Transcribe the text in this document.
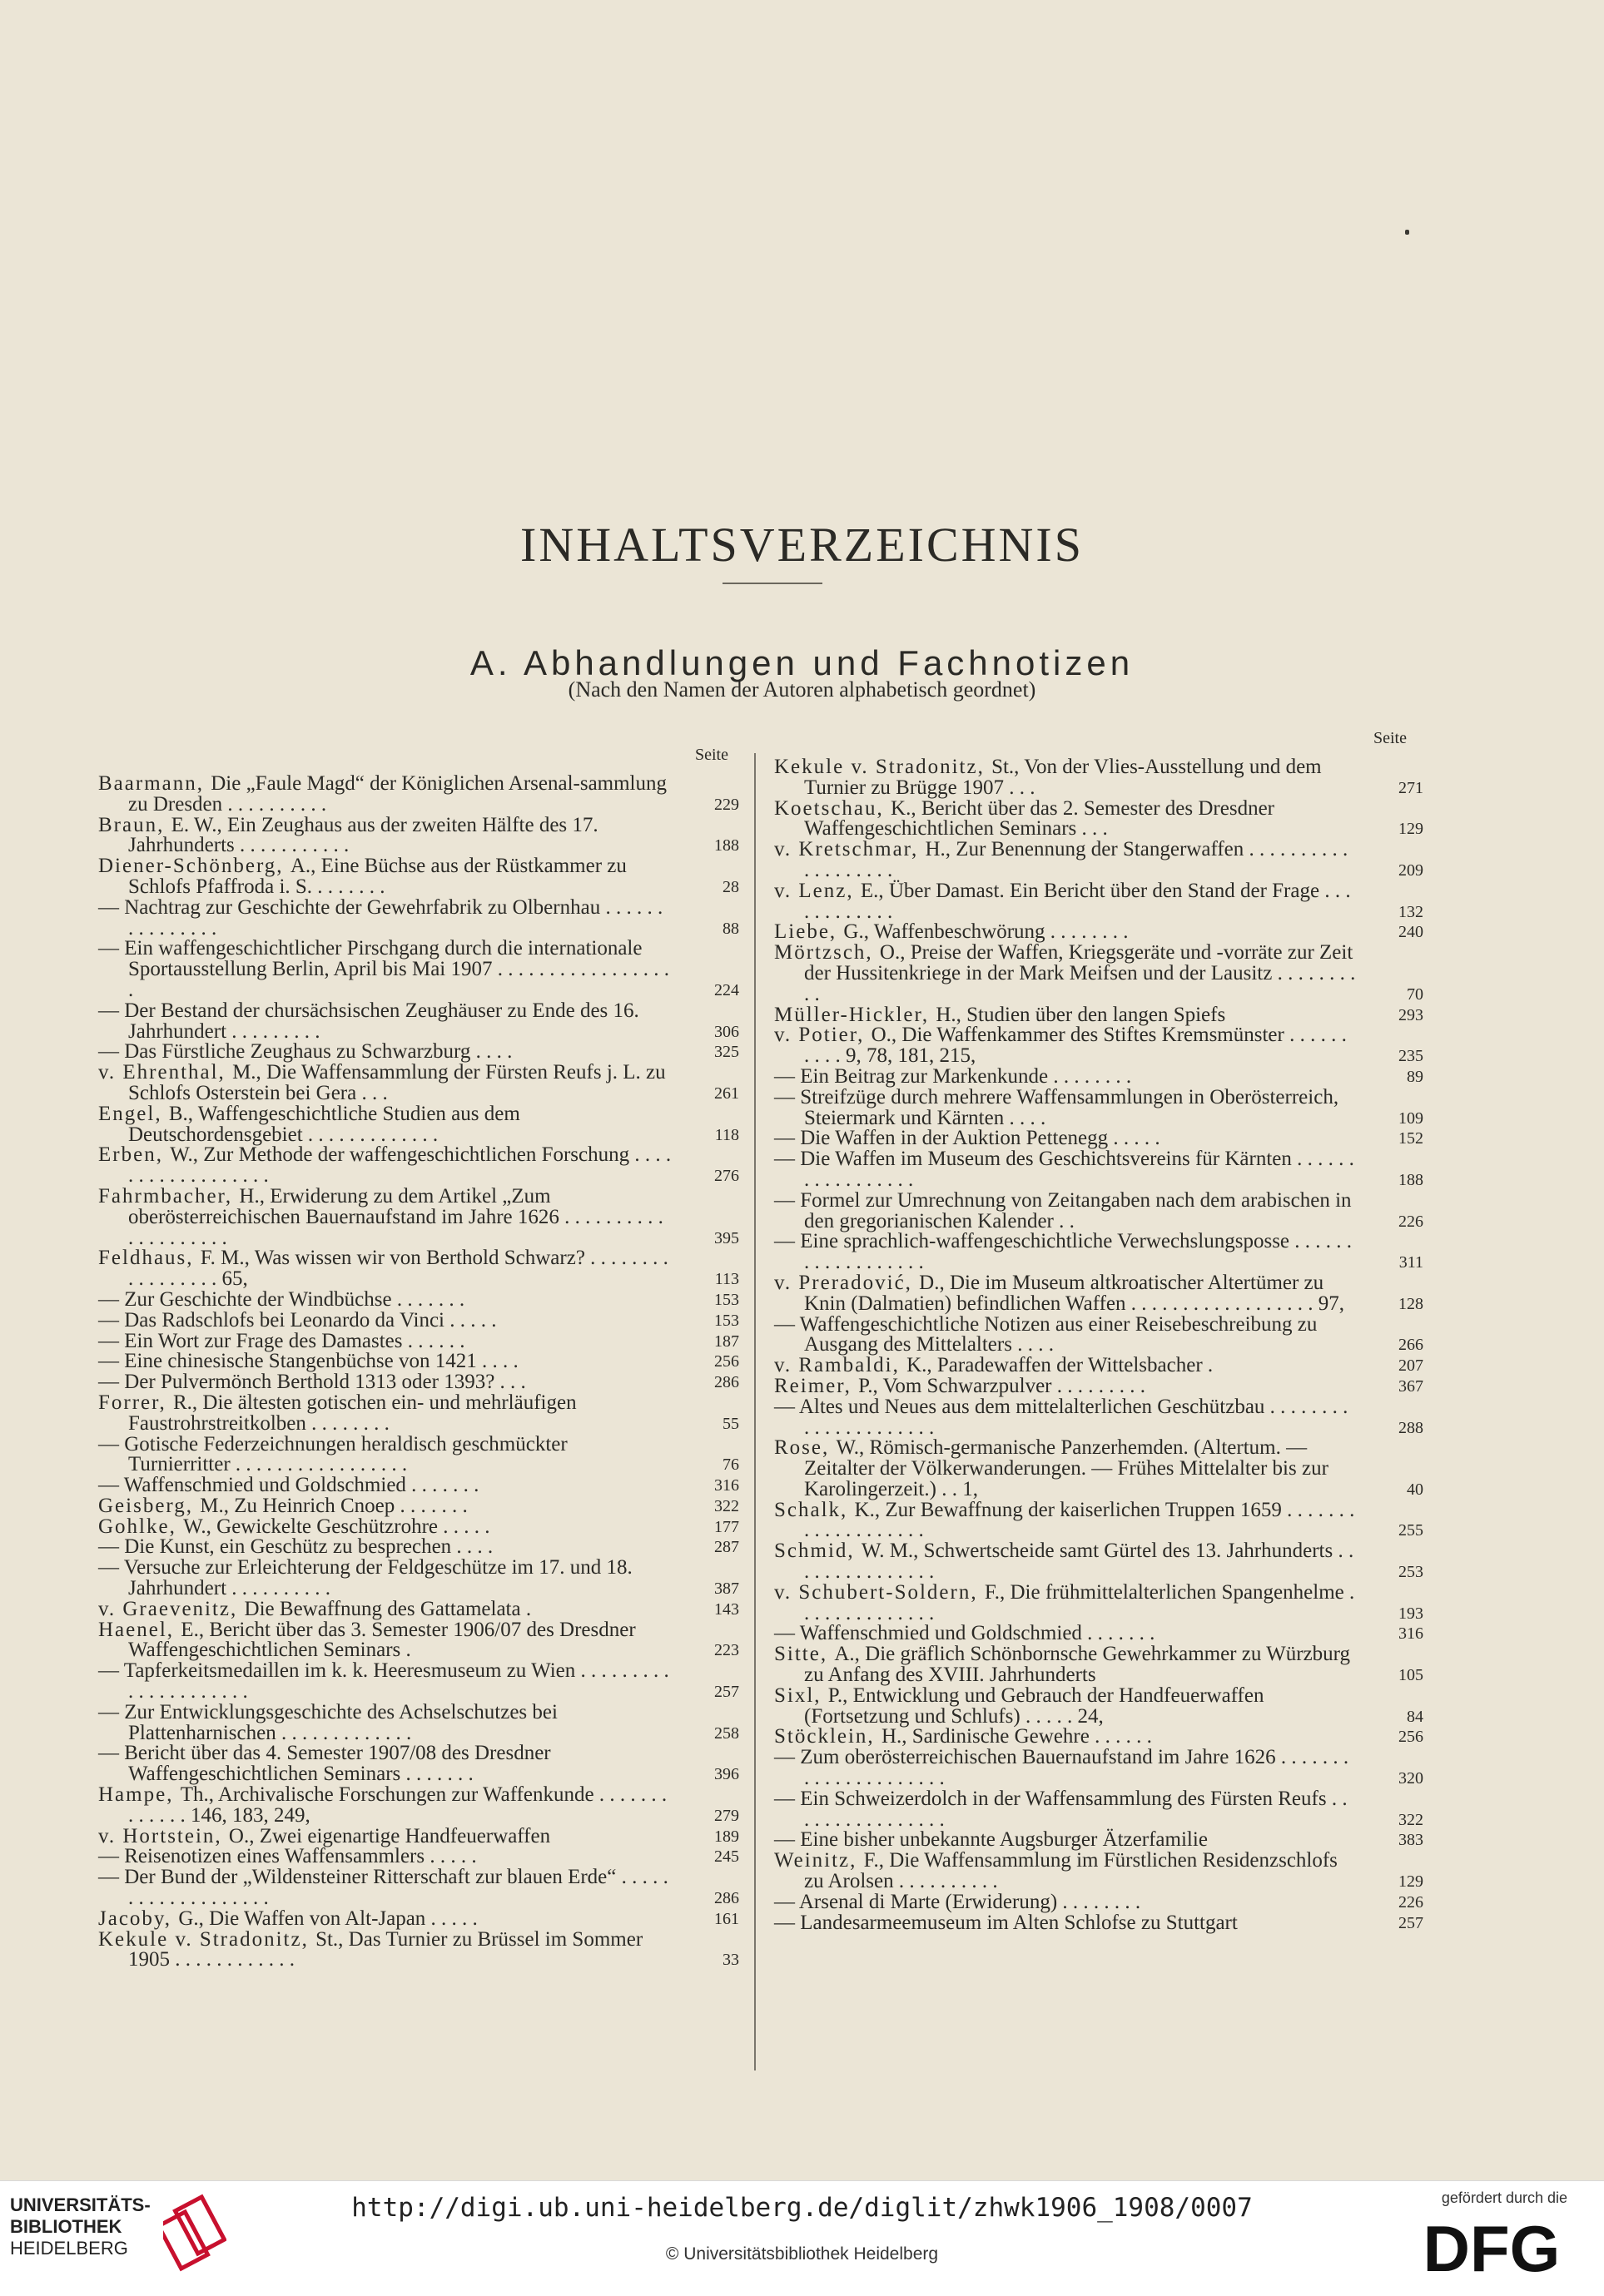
INHALTSVERZEICHNIS
A. Abhandlungen und Fachnotizen
(Nach den Namen der Autoren alphabetisch geordnet)
Seite
Seite
Baarmann, Die „Faule Magd“ der Königlichen Arsenal-sammlung zu Dresden . . . . . . . . . .	229
Braun, E. W., Ein Zeughaus aus der zweiten Hälfte des 17. Jahrhunderts . . . . . . . . . . .	188
Diener-Schönberg, A., Eine Büchse aus der Rüstkammer zu Schlofs Pfaffroda i. S. . . . . . . .	28
— Nachtrag zur Geschichte der Gewehrfabrik zu Olbernhau . . . . . . . . . . . . . . .	88
— Ein waffengeschichtlicher Pirschgang durch die internationale Sportausstellung Berlin, April bis Mai 1907 . . . . . . . . . . . . . . . . . .	224
— Der Bestand der chursächsischen Zeughäuser zu Ende des 16. Jahrhundert . . . . . . . . .	306
— Das Fürstliche Zeughaus zu Schwarzburg . . . .	325
v. Ehrenthal, M., Die Waffensammlung der Fürsten Reufs j. L. zu Schlofs Osterstein bei Gera . . .	261
Engel, B., Waffengeschichtliche Studien aus dem Deutschordensgebiet . . . . . . . . . . . . .	118
Erben, W., Zur Methode der waffengeschichtlichen Forschung . . . . . . . . . . . . . . . . . .	276
Fahrmbacher, H., Erwiderung zu dem Artikel „Zum oberösterreichischen Bauernaufstand im Jahre 1626 . . . . . . . . . . . . . . . . . . . .	395
Feldhaus, F. M., Was wissen wir von Berthold Schwarz? . . . . . . . . . . . . . . . . . 65,	113
— Zur Geschichte der Windbüchse . . . . . . .	153
— Das Radschlofs bei Leonardo da Vinci . . . . .	153
— Ein Wort zur Frage des Damastes . . . . . .	187
— Eine chinesische Stangenbüchse von 1421 . . . .	256
— Der Pulvermönch Berthold 1313 oder 1393? . . .	286
Forrer, R., Die ältesten gotischen ein- und mehrläufigen Faustrohrstreitkolben . . . . . . . .	55
— Gotische Federzeichnungen heraldisch geschmückter Turnierritter . . . . . . . . . . . . . . . . .	76
— Waffenschmied und Goldschmied . . . . . . .	316
Geisberg, M., Zu Heinrich Cnoep . . . . . . .	322
Gohlke, W., Gewickelte Geschützrohre . . . . .	177
— Die Kunst, ein Geschütz zu besprechen . . . .	287
— Versuche zur Erleichterung der Feldgeschütze im 17. und 18. Jahrhundert . . . . . . . . . .	387
v. Graevenitz, Die Bewaffnung des Gattamelata .	143
Haenel, E., Bericht über das 3. Semester 1906/07 des Dresdner Waffengeschichtlichen Seminars .	223
— Tapferkeitsmedaillen im k. k. Heeresmuseum zu Wien . . . . . . . . . . . . . . . . . . . . .	257
— Zur Entwicklungsgeschichte des Achselschutzes bei Plattenharnischen . . . . . . . . . . . . .	258
— Bericht über das 4. Semester 1907/08 des Dresdner Waffengeschichtlichen Seminars . . . . . . .	396
Hampe, Th., Archivalische Forschungen zur Waffenkunde . . . . . . . . . . . . . 146, 183, 249,	279
v. Hortstein, O., Zwei eigenartige Handfeuerwaffen	189
— Reisenotizen eines Waffensammlers . . . . .	245
— Der Bund der „Wildensteiner Ritterschaft zur blauen Erde“ . . . . . . . . . . . . . . . . . . .	286
Jacoby, G., Die Waffen von Alt-Japan . . . . .	161
Kekule v. Stradonitz, St., Das Turnier zu Brüssel im Sommer 1905 . . . . . . . . . . . .	33
Kekule v. Stradonitz, St., Von der Vlies-Ausstellung und dem Turnier zu Brügge 1907 . . .	271
Koetschau, K., Bericht über das 2. Semester des Dresdner Waffengeschichtlichen Seminars . . .	129
v. Kretschmar, H., Zur Benennung der Stangerwaffen . . . . . . . . . . . . . . . . . . .	209
v. Lenz, E., Über Damast. Ein Bericht über den Stand der Frage . . . . . . . . . . . .	132
Liebe, G., Waffenbeschwörung . . . . . . . .	240
Mörtzsch, O., Preise der Waffen, Kriegsgeräte und -vorräte zur Zeit der Hussitenkriege in der Mark Meifsen und der Lausitz . . . . . . . . . .	70
Müller-Hickler, H., Studien über den langen Spiefs	293
v. Potier, O., Die Waffenkammer des Stiftes Kremsmünster . . . . . . . . . . 9, 78, 181, 215,	235
— Ein Beitrag zur Markenkunde . . . . . . . .	89
— Streifzüge durch mehrere Waffensammlungen in Oberösterreich, Steiermark und Kärnten . . . .	109
— Die Waffen in der Auktion Pettenegg . . . . .	152
— Die Waffen im Museum des Geschichtsvereins für Kärnten . . . . . . . . . . . . . . . . .	188
— Formel zur Umrechnung von Zeitangaben nach dem arabischen in den gregorianischen Kalender . .	226
— Eine sprachlich-waffengeschichtliche Verwechslungsposse . . . . . . . . . . . . . . . . . .	311
v. Preradović, D., Die im Museum altkroatischer Altertümer zu Knin (Dalmatien) befindlichen Waffen . . . . . . . . . . . . . . . . . . 97,	128
— Waffengeschichtliche Notizen aus einer Reisebeschreibung zu Ausgang des Mittelalters . . . .	266
v. Rambaldi, K., Paradewaffen der Wittelsbacher .	207
Reimer, P., Vom Schwarzpulver . . . . . . . . .	367
— Altes und Neues aus dem mittelalterlichen Geschützbau . . . . . . . . . . . . . . . . . . . . .	288
Rose, W., Römisch-germanische Panzerhemden. (Altertum. — Zeitalter der Völkerwanderungen. — Frühes Mittelalter bis zur Karolingerzeit.) . . 1,	40
Schalk, K., Zur Bewaffnung der kaiserlichen Truppen 1659 . . . . . . . . . . . . . . . . . . .	255
Schmid, W. M., Schwertscheide samt Gürtel des 13. Jahrhunderts . . . . . . . . . . . . . . .	253
v. Schubert-Soldern, F., Die frühmittelalterlichen Spangenhelme . . . . . . . . . . . . . .	193
— Waffenschmied und Goldschmied . . . . . . .	316
Sitte, A., Die gräflich Schönbornsche Gewehrkammer zu Würzburg zu Anfang des XVIII. Jahrhunderts	105
Sixl, P., Entwicklung und Gebrauch der Handfeuerwaffen (Fortsetzung und Schlufs) . . . . . 24,	84
Stöcklein, H., Sardinische Gewehre . . . . . .	256
— Zum oberösterreichischen Bauernaufstand im Jahre 1626 . . . . . . . . . . . . . . . . . . . . .	320
— Ein Schweizerdolch in der Waffensammlung des Fürsten Reufs . . . . . . . . . . . . . . . .	322
— Eine bisher unbekannte Augsburger Ätzerfamilie	383
Weinitz, F., Die Waffensammlung im Fürstlichen Residenzschlofs zu Arolsen . . . . . . . . . .	129
— Arsenal di Marte (Erwiderung) . . . . . . . .	226
— Landesarmeemuseum im Alten Schlofse zu Stuttgart	257
UNIVERSITÄTS-
BIBLIOTHEK
HEIDELBERG
http://digi.ub.uni-heidelberg.de/diglit/zhwk1906_1908/0007
© Universitätsbibliothek Heidelberg
gefördert durch die
DFG
